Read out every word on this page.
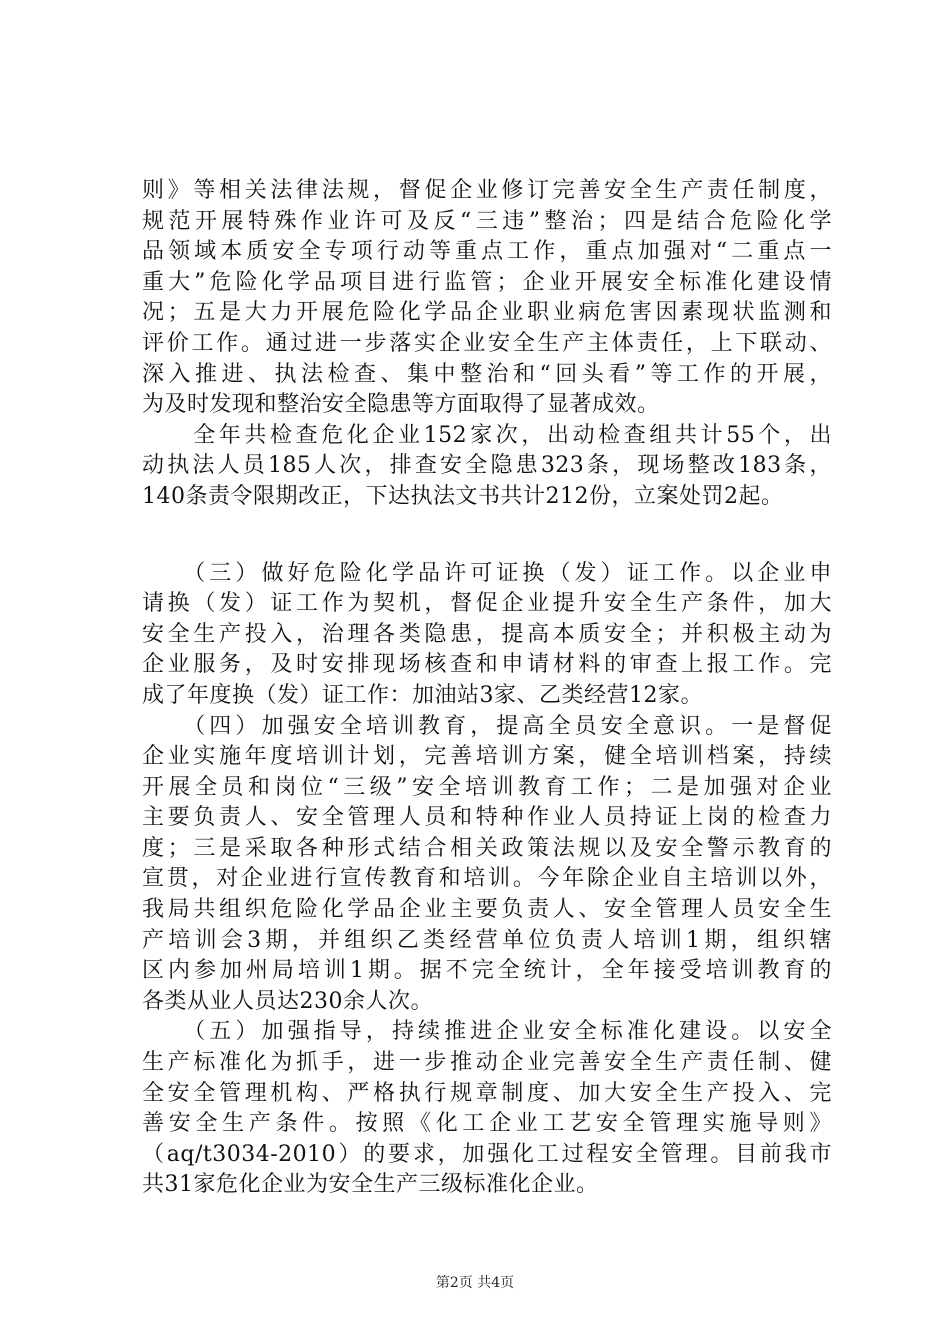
则》等相关法律法规，督促企业修订完善安全生产责任制度，
规范开展特殊作业许可及反“三违”整治；四是结合危险化学
品领域本质安全专项行动等重点工作，重点加强对“二重点一
重大”危险化学品项目进行监管；企业开展安全标准化建设情
况；五是大力开展危险化学品企业职业病危害因素现状监测和
评价工作。通过进一步落实企业安全生产主体责任，上下联动、
深入推进、执法检查、集中整治和“回头看”等工作的开展，
为及时发现和整治安全隐患等方面取得了显著成效。
　　全年共检查危化企业152家次，出动检查组共计55个，出
动执法人员185人次，排查安全隐患323条，现场整改183条，
140条责令限期改正，下达执法文书共计212份，立案处罚2起。
　　（三）做好危险化学品许可证换（发）证工作。以企业申
请换（发）证工作为契机，督促企业提升安全生产条件，加大
安全生产投入，治理各类隐患，提高本质安全；并积极主动为
企业服务，及时安排现场核查和申请材料的审查上报工作。完
成了年度换（发）证工作：加油站3家、乙类经营12家。
　　（四）加强安全培训教育，提高全员安全意识。一是督促
企业实施年度培训计划，完善培训方案，健全培训档案，持续
开展全员和岗位“三级”安全培训教育工作；二是加强对企业
主要负责人、安全管理人员和特种作业人员持证上岗的检查力
度；三是采取各种形式结合相关政策法规以及安全警示教育的
宣贯，对企业进行宣传教育和培训。今年除企业自主培训以外，
我局共组织危险化学品企业主要负责人、安全管理人员安全生
产培训会3期，并组织乙类经营单位负责人培训1期，组织辖
区内参加州局培训1期。据不完全统计，全年接受培训教育的
各类从业人员达230余人次。
　　（五）加强指导，持续推进企业安全标准化建设。以安全
生产标准化为抓手，进一步推动企业完善安全生产责任制、健
全安全管理机构、严格执行规章制度、加大安全生产投入、完
善安全生产条件。按照《化工企业工艺安全管理实施导则》
（aq/t3034-2010）的要求，加强化工过程安全管理。目前我市
共31家危化企业为安全生产三级标准化企业。
第2页 共4页
